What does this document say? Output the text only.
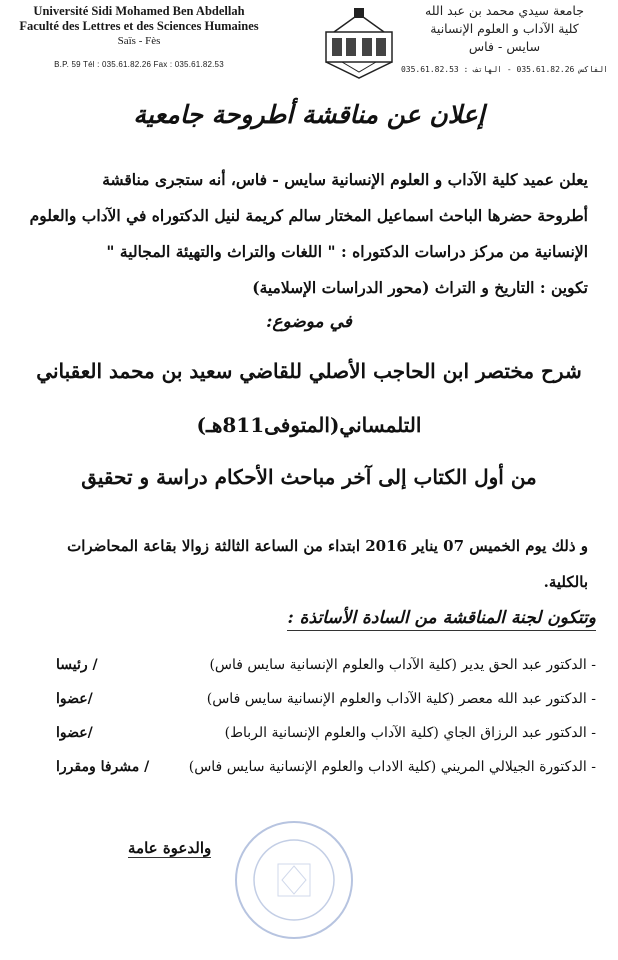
Université Sidi Mohamed Ben Abdellah
Faculté des Lettres et des Sciences Humaines
Saïs - Fès
B.P. 59 Tél : 035.61.82.26 Fax : 035.61.82.53
جامعة سيدي محمد بن عبد الله
كلية الآداب و العلوم الإنسانية
سايس - فاس
035.61.82.53 : الفاكس 035.61.82.26 - الهاتف
إعلان عن مناقشة أطروحة جامعية
يعلن عميد كلية الآداب و العلوم الإنسانية سايس - فاس، أنه ستجرى مناقشة
أطروحة حضرها الباحث اسماعيل المختار سالم كريمة لنيل الدكتوراه في الآداب والعلوم
الإنسانية من مركز دراسات الدكتوراه : " اللغات والتراث والتهيئة المجالية "
تكوين : التاريخ و التراث (محور الدراسات الإسلامية)
في موضوع:
شرح مختصر ابن الحاجب الأصلي للقاضي سعيد بن محمد العقباني
التلمساني(المتوفى811هـ)
من أول الكتاب إلى آخر مباحث الأحكام دراسة و تحقيق
و ذلك يوم الخميس 07 يناير 2016 ابتداء من الساعة الثالثة زوالا بقاعة المحاضرات
بالكلية.
وتتكون لجنة المناقشة من السادة الأساتذة :
- الدكتور عبد الحق يدير (كلية الآداب والعلوم الإنسانية سايس فاس)
/ رئيسا
- الدكتور عبد الله معصر (كلية الآداب والعلوم الإنسانية سايس فاس)
/عضوا
- الدكتور عبد الرزاق الجاي (كلية الآداب والعلوم الإنسانية الرباط)
/عضوا
- الدكتورة الجيلالي المريني (كلية الاداب والعلوم الإنسانية سايس فاس)
/ مشرفا ومقررا
والدعوة عامة
